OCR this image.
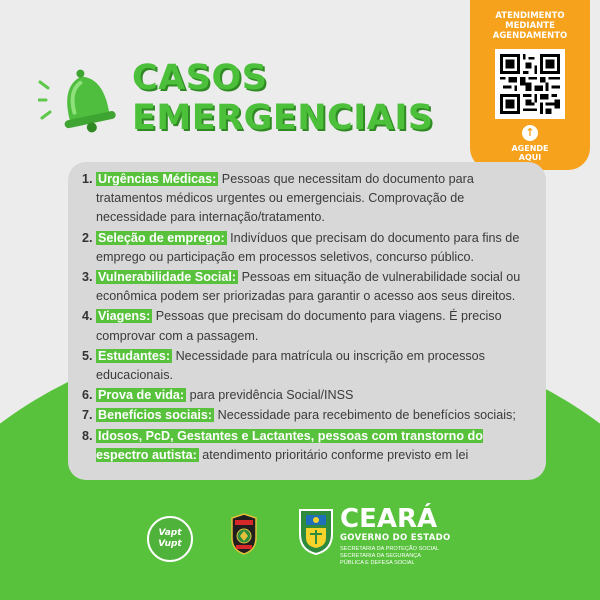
CASOS
EMERGENCIAIS
ATENDIMENTO
MEDIANTE
AGENDAMENTO
↑
AGENDE
AQUI
1. Urgências Médicas: Pessoas que necessitam do documento para tratamentos médicos urgentes ou emergenciais. Comprovação de necessidade para internação/tratamento.
2. Seleção de emprego: Indivíduos que precisam do documento para fins de emprego ou participação em processos seletivos, concurso público.
3. Vulnerabilidade Social: Pessoas em situação de vulnerabilidade social ou econômica podem ser priorizadas para garantir o acesso aos seus direitos.
4. Viagens: Pessoas que precisam do documento para viagens. É preciso comprovar com a passagem.
5. Estudantes: Necessidade para matrícula ou inscrição em processos educacionais.
6. Prova de vida: para previdência Social/INSS
7. Benefícios sociais: Necessidade para recebimento de benefícios sociais;
8. Idosos, PcD, Gestantes e Lactantes, pessoas com transtorno do espectro autista: atendimento prioritário conforme previsto em lei
Vapt
Vupt
CEARÁ
GOVERNO DO ESTADO
SECRETARIA DA PROTEÇÃO SOCIAL
SECRETARIA DA SEGURANÇA
PÚBLICA E DEFESA SOCIAL
